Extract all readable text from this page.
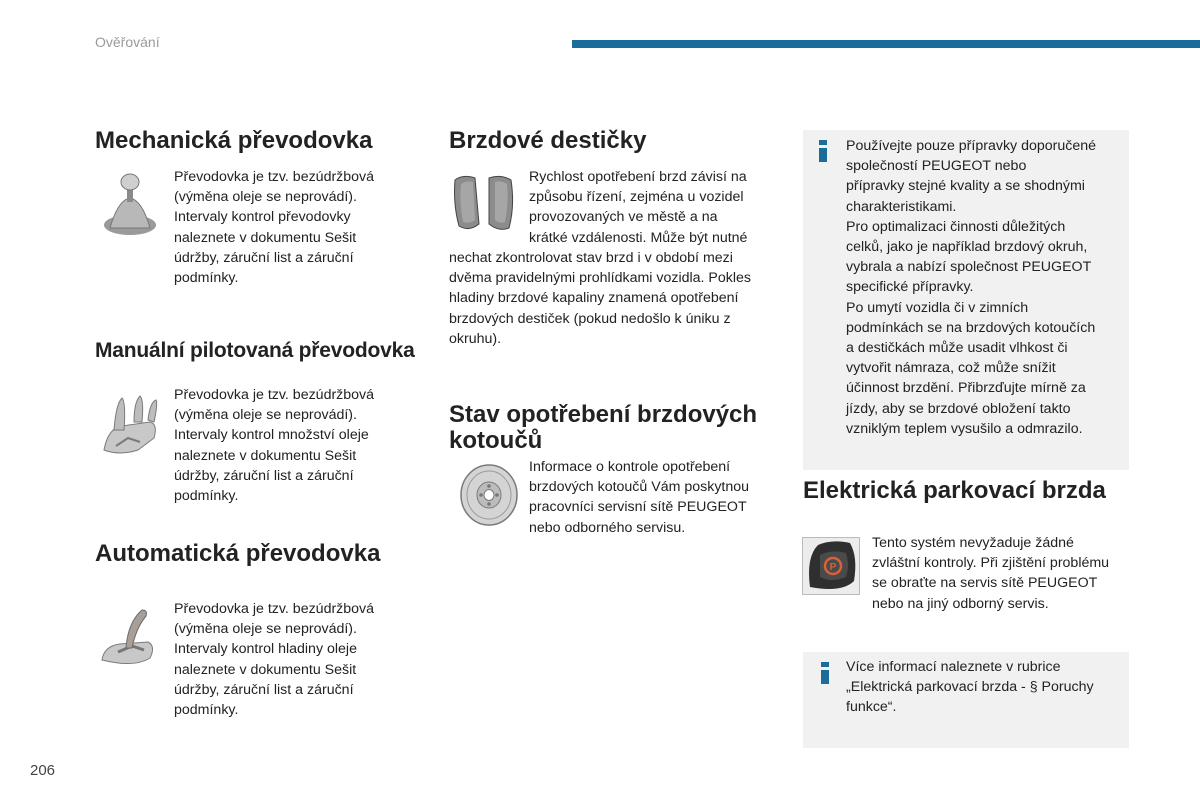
Ověřování
Mechanická převodovka

Převodovka je tzv. bezúdržbová (výměna oleje se neprovádí). Intervaly kontrol převodovky naleznete v dokumentu Sešit údržby, záruční list a záruční podmínky.

Manuální pilotovaná převodovka

Převodovka je tzv. bezúdržbová (výměna oleje se neprovádí). Intervaly kontrol množství oleje naleznete v dokumentu Sešit údržby, záruční list a záruční podmínky.

Automatická převodovka

Převodovka je tzv. bezúdržbová (výměna oleje se neprovádí). Intervaly kontrol hladiny oleje naleznete v dokumentu Sešit údržby, záruční list a záruční podmínky.

Brzdové destičky

Rychlost opotřebení brzd závisí na

způsobu řízení, zejména u vozidel

provozovaných ve městě a na

krátké vzdálenosti. Může být nutné

nechat zkontrolovat stav brzd i v období mezi dvěma pravidelnými prohlídkami vozidla. Pokles hladiny brzdové kapaliny znamená opotřebení brzdových destiček (pokud nedošlo k úniku z okruhu).

Stav opotřebení brzdových kotoučů

Informace o kontrole opotřebení brzdových kotoučů Vám poskytnou pracovníci servisní sítě PEUGEOT nebo odborného servisu.

Používejte pouze přípravky doporučené
společností PEUGEOT nebo
přípravky stejné kvality a se shodnými
charakteristikami.
Pro optimalizaci činnosti důležitých
celků, jako je například brzdový okruh,
vybrala a nabízí společnost PEUGEOT
specifické přípravky.
Po umytí vozidla či v zimních
podmínkách se na brzdových kotoučích
a destičkách může usadit vlhkost či
vytvořit námraza, což může snížit
účinnost brzdění. Přibrzďujte mírně za
jízdy, aby se brzdové obložení takto
vzniklým teplem vysušilo a odmrazilo.
Elektrická parkovací brzda
P

Tento systém nevyžaduje žádné zvláštní kontroly. Při zjištění problému se obraťte na servis sítě PEUGEOT nebo na jiný odborný servis.

Více informací naleznete v rubrice
„Elektrická parkovací brzda - § Poruchy
funkce“.
206
